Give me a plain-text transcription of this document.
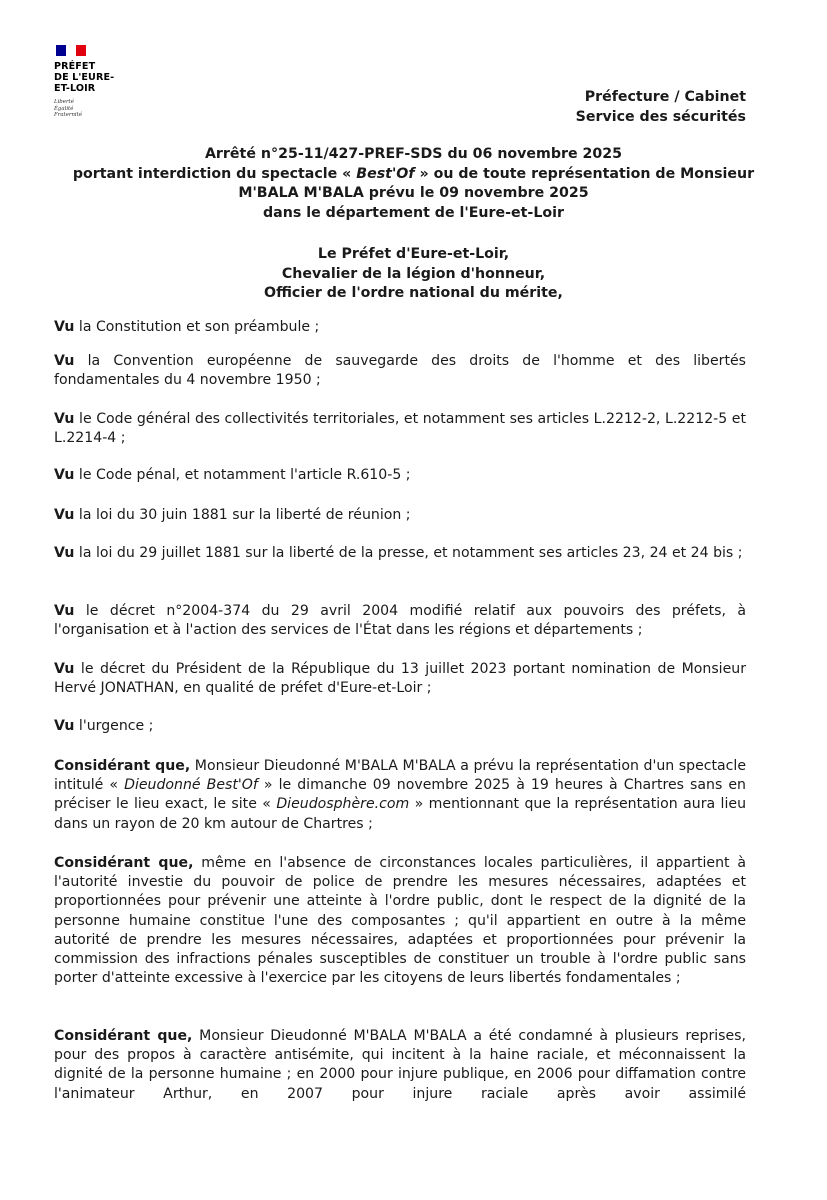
PRÉFET
DE L'EURE-
ET-LOIR
Liberté
Égalité
Fraternité
Préfecture / Cabinet
Service des sécurités
Arrêté n°25-11/427-PREF-SDS du 06 novembre 2025
portant interdiction du spectacle « Best'Of » ou de toute représentation de Monsieur
M'BALA M'BALA prévu le 09 novembre 2025
dans le département de l'Eure-et-Loir
Le Préfet d'Eure-et-Loir,
Chevalier de la légion d'honneur,
Officier de l'ordre national du mérite,
Vu la Constitution et son préambule ;
Vu la Convention européenne de sauvegarde des droits de l'homme et des libertés fondamentales du 4 novembre 1950 ;
Vu le Code général des collectivités territoriales, et notamment ses articles L.2212-2, L.2212-5 et L.2214-4 ;
Vu le Code pénal, et notamment l'article R.610-5 ;
Vu la loi du 30 juin 1881 sur la liberté de réunion ;
Vu la loi du 29 juillet 1881 sur la liberté de la presse, et notamment ses articles 23, 24 et 24 bis ;
Vu le décret n°2004-374 du 29 avril 2004 modifié relatif aux pouvoirs des préfets, à l'organisation et à l'action des services de l'État dans les régions et départements ;
Vu le décret du Président de la République du 13 juillet 2023 portant nomination de Monsieur Hervé JONATHAN, en qualité de préfet d'Eure-et-Loir ;
Vu l'urgence ;
Considérant que, Monsieur Dieudonné M'BALA M'BALA a prévu la représentation d'un spectacle intitulé « Dieudonné Best'Of » le dimanche 09 novembre 2025 à 19 heures à Chartres sans en préciser le lieu exact, le site « Dieudosphère.com » mentionnant que la représentation aura lieu dans un rayon de 20 km autour de Chartres ;
Considérant que, même en l'absence de circonstances locales particulières, il appartient à l'autorité investie du pouvoir de police de prendre les mesures nécessaires, adaptées et proportionnées pour prévenir une atteinte à l'ordre public, dont le respect de la dignité de la personne humaine constitue l'une des composantes ; qu'il appartient en outre à la même autorité de prendre les mesures nécessaires, adaptées et proportionnées pour prévenir la commission des infractions pénales susceptibles de constituer un trouble à l'ordre public sans porter d'atteinte excessive à l'exercice par les citoyens de leurs libertés fondamentales ;
Considérant que, Monsieur Dieudonné M'BALA M'BALA a été condamné à plusieurs reprises, pour des propos à caractère antisémite, qui incitent à la haine raciale, et méconnaissent la dignité de la personne humaine ; en 2000 pour injure publique, en 2006 pour diffamation contre l'animateur Arthur, en 2007 pour injure raciale après avoir assimilé
